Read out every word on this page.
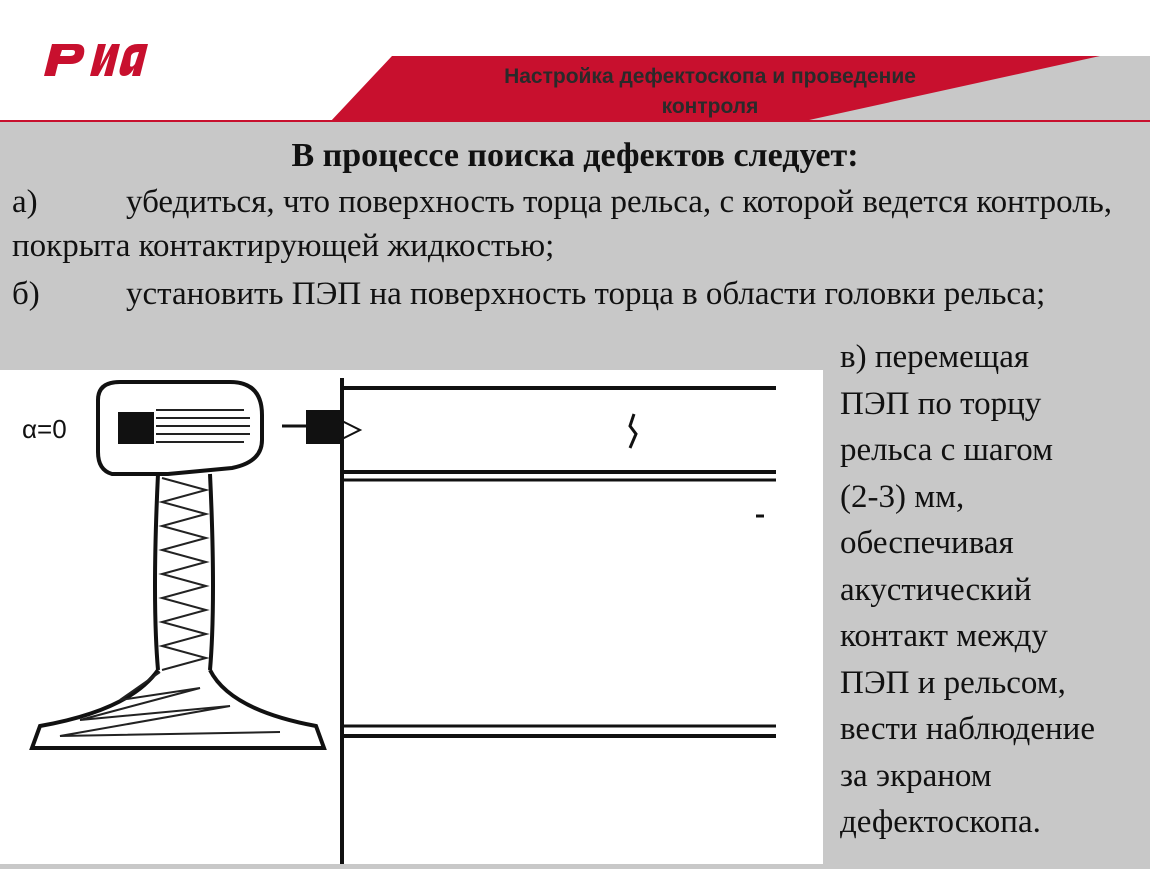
Настройка дефектоскопа и проведение
контроля
В процессе поиска дефектов следует:
а)	убедиться, что поверхность торца рельса, с которой ведется контроль, покрыта контактирующей жидкостью;
б)	установить ПЭП на поверхность торца в области головки рельса;
α=0
в) перемещая
ПЭП по торцу
рельса с шагом
(2-3) мм,
обеспечивая
акустический
контакт между
ПЭП и рельсом,
вести наблюдение
за экраном
дефектоскопа.
